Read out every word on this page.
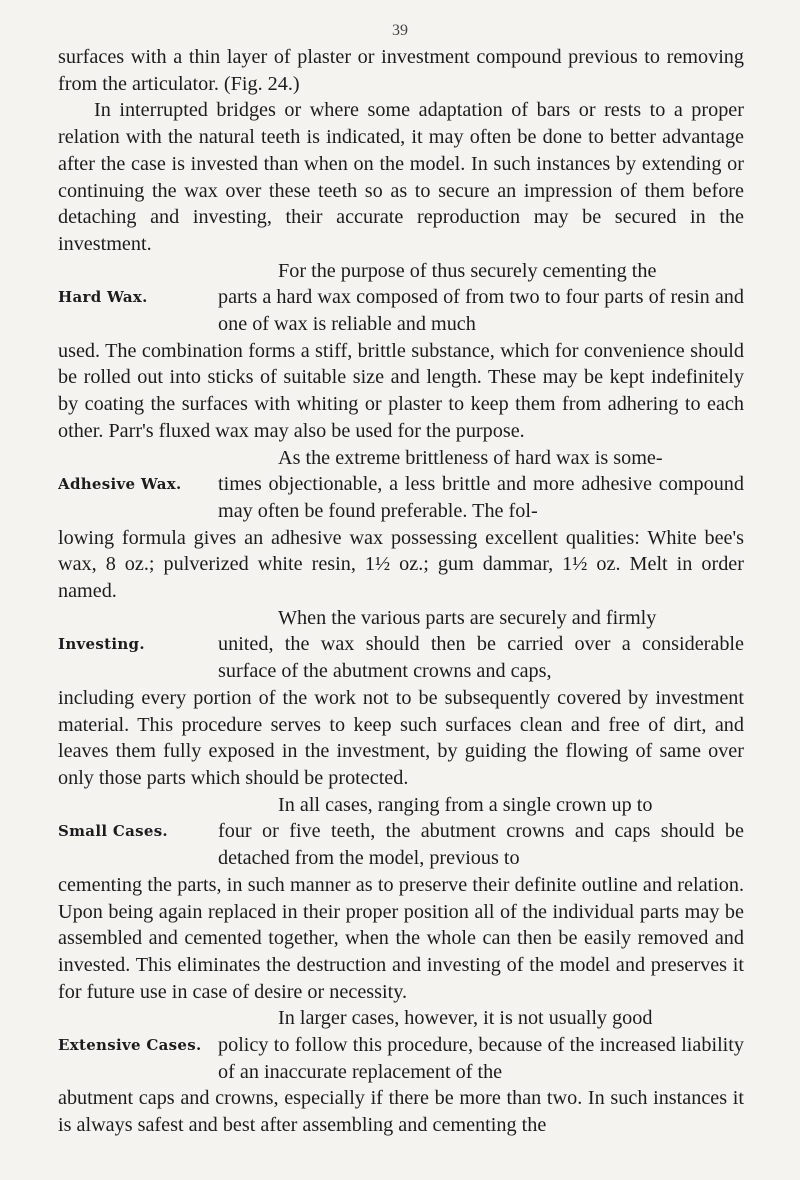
39

surfaces with a thin layer of plaster or investment compound previous to removing from the articulator. (Fig. 24.)

In interrupted bridges or where some adaptation of bars or rests to a proper relation with the natural teeth is indicated, it may often be done to better advantage after the case is invested than when on the model. In such instances by extending or continuing the wax over these teeth so as to secure an impression of them before detaching and investing, their accurate reproduction may be secured in the investment.

For the purpose of thus securely cementing the
Hard Wax.	parts a hard wax composed of from two to four parts of resin and one of wax is reliable and much

used. The combination forms a stiff, brittle substance, which for convenience should be rolled out into sticks of suitable size and length. These may be kept indefinitely by coating the surfaces with whiting or plaster to keep them from adhering to each other. Parr's fluxed wax may also be used for the purpose.

As the extreme brittleness of hard wax is some-
Adhesive Wax.	times objectionable, a less brittle and more adhesive compound may often be found preferable. The fol-

lowing formula gives an adhesive wax possessing excellent qualities: White bee's wax, 8 oz.; pulverized white resin, 1½ oz.; gum dammar, 1½ oz. Melt in order named.

When the various parts are securely and firmly
Investing.	united, the wax should then be carried over a considerable surface of the abutment crowns and caps,

including every portion of the work not to be subsequently covered by investment material. This procedure serves to keep such surfaces clean and free of dirt, and leaves them fully exposed in the investment, by guiding the flowing of same over only those parts which should be protected.

In all cases, ranging from a single crown up to
Small Cases.	four or five teeth, the abutment crowns and caps should be detached from the model, previous to

cementing the parts, in such manner as to preserve their definite outline and relation. Upon being again replaced in their proper position all of the individual parts may be assembled and cemented together, when the whole can then be easily removed and invested. This eliminates the destruction and investing of the model and preserves it for future use in case of desire or necessity.

In larger cases, however, it is not usually good
Extensive Cases. policy to follow this procedure, because of the increased liability of an inaccurate replacement of the

abutment caps and crowns, especially if there be more than two. In such instances it is always safest and best after assembling and cementing the
